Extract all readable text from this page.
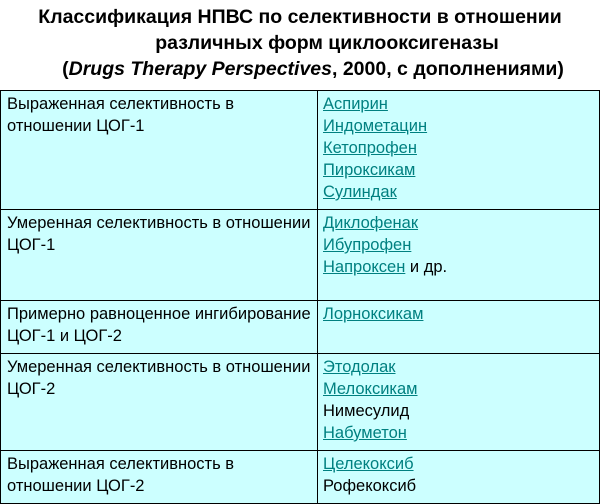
Классификация НПВС по селективности в отношении
различных форм циклооксигеназы
(Drugs Therapy Perspectives, 2000, с дополнениями)
Выраженная селективность в отношении ЦОГ-1	Аспирин
Индометацин
Кетопрофен
Пироксикам
Сулиндак

Умеренная селективность в отношении ЦОГ-1	Диклофенак
Ибупрофен
Напроксен и др.

Примерно равноценное ингибирование ЦОГ-1 и ЦОГ-2	Лорноксикам

Умеренная селективность в отношении ЦОГ-2	Этодолак
Мелоксикам
Нимесулид
Набуметон

Выраженная селективность в отношении ЦОГ-2	Целекоксиб
Рофекоксиб
